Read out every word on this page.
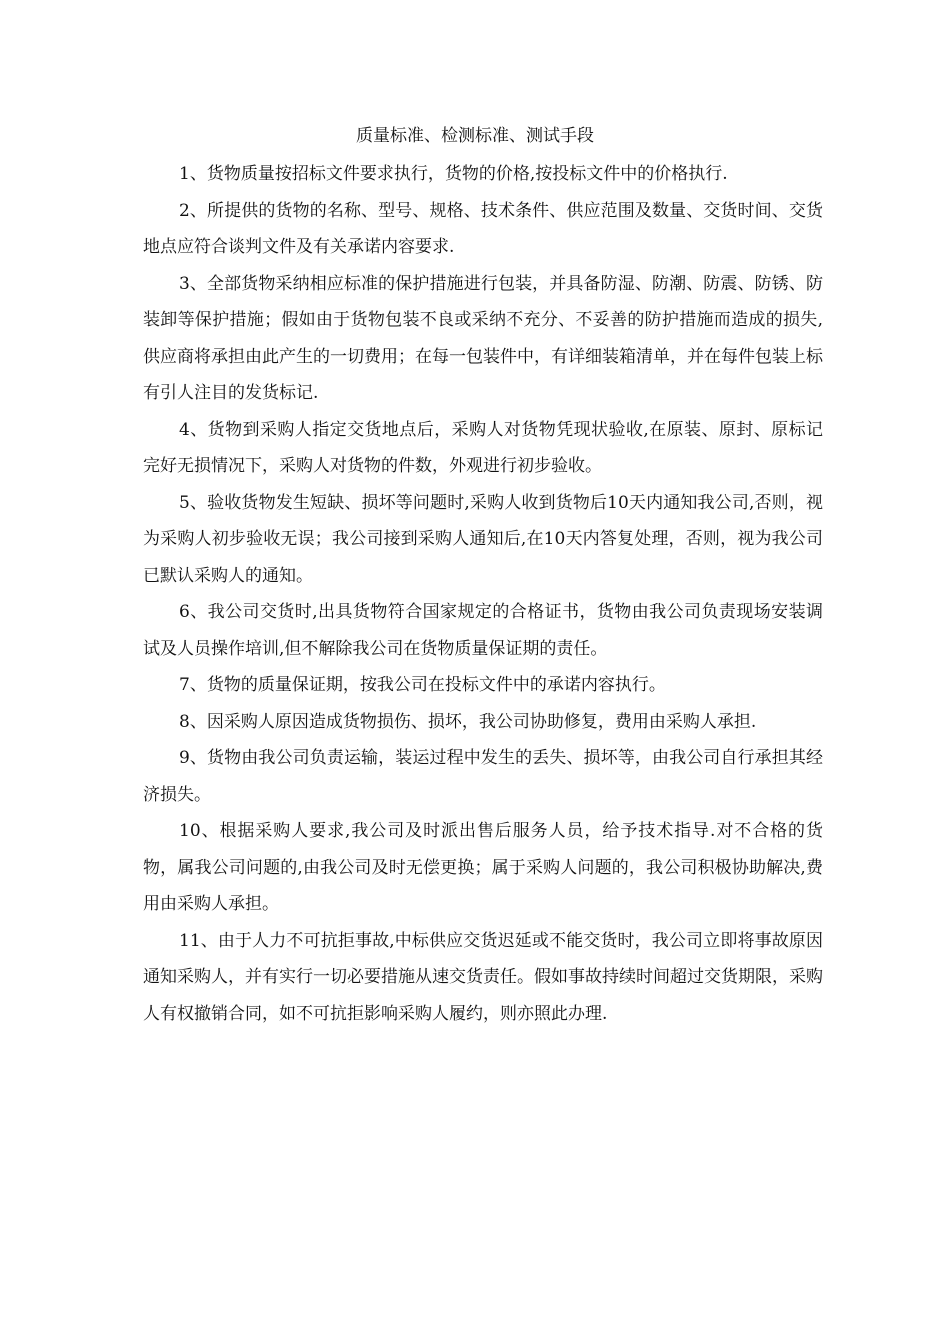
质量标准、检测标准、测试手段

1、货物质量按招标文件要求执行，货物的价格,按投标文件中的价格执行.

2、所提供的货物的名称、型号、规格、技术条件、供应范围及数量、交货时间、交货地点应符合谈判文件及有关承诺内容要求.

3、全部货物采纳相应标准的保护措施进行包装，并具备防湿、防潮、防震、防锈、防装卸等保护措施；假如由于货物包装不良或采纳不充分、不妥善的防护措施而造成的损失,供应商将承担由此产生的一切费用；在每一包装件中，有详细装箱清单，并在每件包装上标有引人注目的发货标记.

4、货物到采购人指定交货地点后，采购人对货物凭现状验收,在原装、原封、原标记完好无损情况下，采购人对货物的件数，外观进行初步验收。

5、验收货物发生短缺、损坏等问题时,采购人收到货物后10天内通知我公司,否则，视为采购人初步验收无误；我公司接到采购人通知后,在10天内答复处理，否则，视为我公司已默认采购人的通知。

6、我公司交货时,出具货物符合国家规定的合格证书，货物由我公司负责现场安装调试及人员操作培训,但不解除我公司在货物质量保证期的责任。

7、货物的质量保证期，按我公司在投标文件中的承诺内容执行。

8、因采购人原因造成货物损伤、损坏，我公司协助修复，费用由采购人承担.

9、货物由我公司负责运输，装运过程中发生的丢失、损坏等，由我公司自行承担其经济损失。

10、根据采购人要求,我公司及时派出售后服务人员，给予技术指导.对不合格的货物，属我公司问题的,由我公司及时无偿更换；属于采购人问题的，我公司积极协助解决,费用由采购人承担。

11、由于人力不可抗拒事故,中标供应交货迟延或不能交货时，我公司立即将事故原因通知采购人，并有实行一切必要措施从速交货责任。假如事故持续时间超过交货期限，采购人有权撤销合同，如不可抗拒影响采购人履约，则亦照此办理.
